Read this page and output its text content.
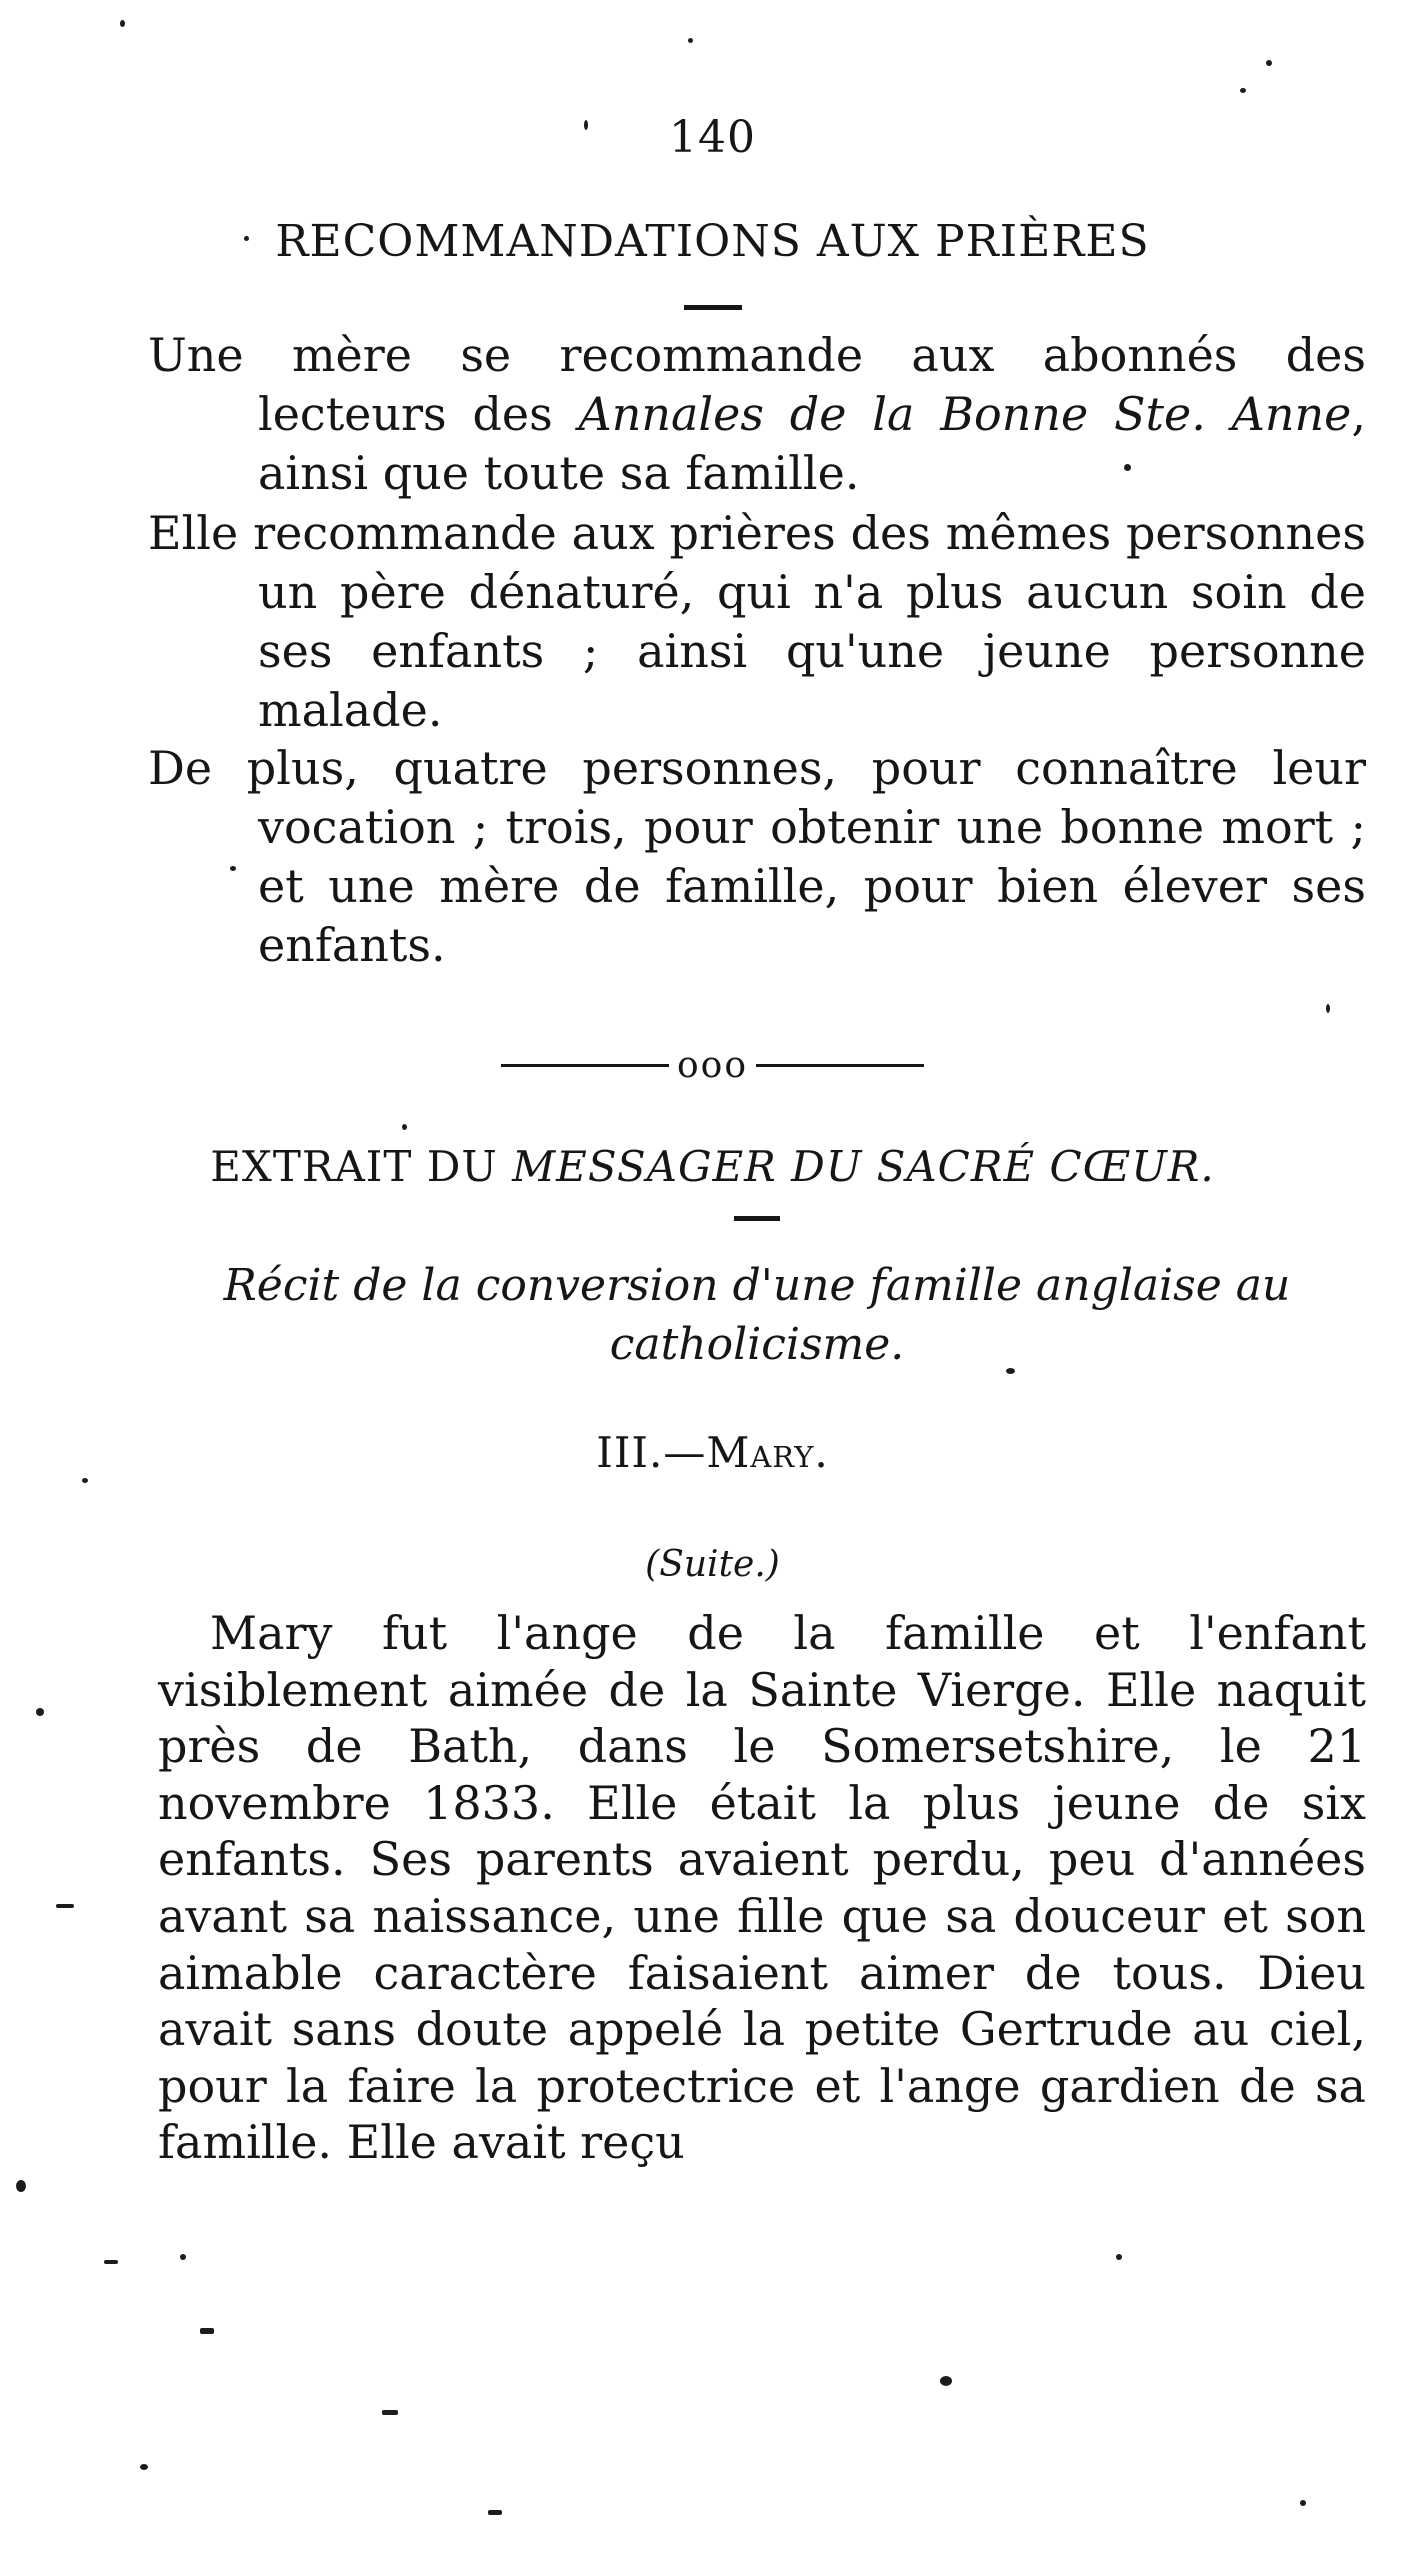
140
RECOMMANDATIONS AUX PRIÈRES

Une mère se recommande aux abonnés des lecteurs des Annales de la Bonne Ste. Anne, ainsi que toute sa famille.

Elle recommande aux prières des mêmes personnes un père dénaturé, qui n'a plus aucun soin de ses enfants ; ainsi qu'une jeune personne malade.

De plus, quatre personnes, pour connaître leur vocation ; trois, pour obtenir une bonne mort ; et une mère de famille, pour bien élever ses enfants.

ooo
EXTRAIT DU MESSAGER DU SACRÉ CŒUR.

Récit de la conversion d'une famille anglaise au catholicisme.

III.—Mary.
(Suite.)

Mary fut l'ange de la famille et l'enfant visiblement aimée de la Sainte Vierge. Elle naquit près de Bath, dans le Somersetshire, le 21 novembre 1833. Elle était la plus jeune de six enfants. Ses parents avaient perdu, peu d'années avant sa naissance, une fille que sa douceur et son aimable caractère faisaient aimer de tous. Dieu avait sans doute appelé la petite Gertrude au ciel, pour la faire la protectrice et l'ange gardien de sa famille. Elle avait reçu
